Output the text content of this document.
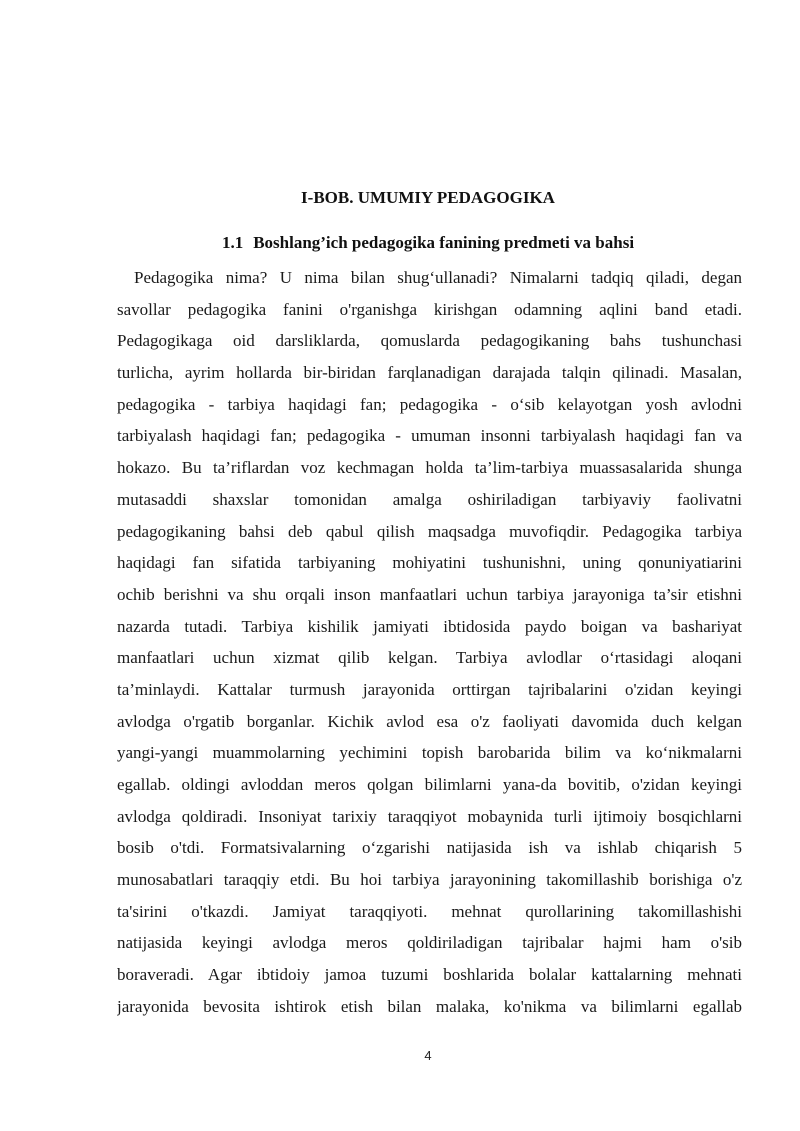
I-BOB. UMUMIY PEDAGOGIKA
1.1 Boshlang’ich pedagogika fanining predmeti va bahsi
Pedagogika nima? U nima bilan shug‘ullanadi? Nimalarni tadqiq qiladi, degan
savollar pedagogika fanini o'rganishga kirishgan odamning aqlini band etadi.
Pedagogikaga oid darsliklarda, qomuslarda pedagogikaning bahs tushunchasi
turlicha, ayrim hollarda bir-biridan farqlanadigan darajada talqin qilinadi. Masalan,
pedagogika - tarbiya haqidagi fan; pedagogika - o‘sib kelayotgan yosh avlodni
tarbiyalash haqidagi fan; pedagogika - umuman insonni tarbiyalash haqidagi fan va
hokazo. Bu ta’riflardan voz kechmagan holda ta’lim-tarbiya muassasalarida shunga
mutasaddi shaxslar tomonidan amalga oshiriladigan tarbiyaviy faolivatni
pedagogikaning bahsi deb qabul qilish maqsadga muvofiqdir. Pedagogika tarbiya
haqidagi fan sifatida tarbiyaning mohiyatini tushunishni, uning qonuniyatiarini
ochib berishni va shu orqali inson manfaatlari uchun tarbiya jarayoniga ta’sir etishni
nazarda tutadi. Tarbiya kishilik jamiyati ibtidosida paydo boigan va bashariyat
manfaatlari uchun xizmat qilib kelgan. Tarbiya avlodlar o‘rtasidagi aloqani
ta’minlaydi. Kattalar turmush jarayonida orttirgan tajribalarini o'zidan keyingi
avlodga o'rgatib borganlar. Kichik avlod esa o'z faoliyati davomida duch kelgan
yangi-yangi muammolarning yechimini topish barobarida bilim va ko‘nikmalarni
egallab. oldingi avloddan meros qolgan bilimlarni yana-da bovitib, o'zidan keyingi
avlodga qoldiradi. Insoniyat tarixiy taraqqiyot mobaynida turli ijtimoiy bosqichlarni
bosib o'tdi. Formatsivalarning o‘zgarishi natijasida ish va ishlab chiqarish 5
munosabatlari taraqqiy etdi. Bu hoi tarbiya jarayonining takomillashib borishiga o'z
ta'sirini o'tkazdi. Jamiyat taraqqiyoti. mehnat qurollarining takomillashishi
natijasida keyingi avlodga meros qoldiriladigan tajribalar hajmi ham o'sib
boraveradi. Agar ibtidoiy jamoa tuzumi boshlarida bolalar kattalarning mehnati
jarayonida bevosita ishtirok etish bilan malaka, ko'nikma va bilimlarni egallab
4
